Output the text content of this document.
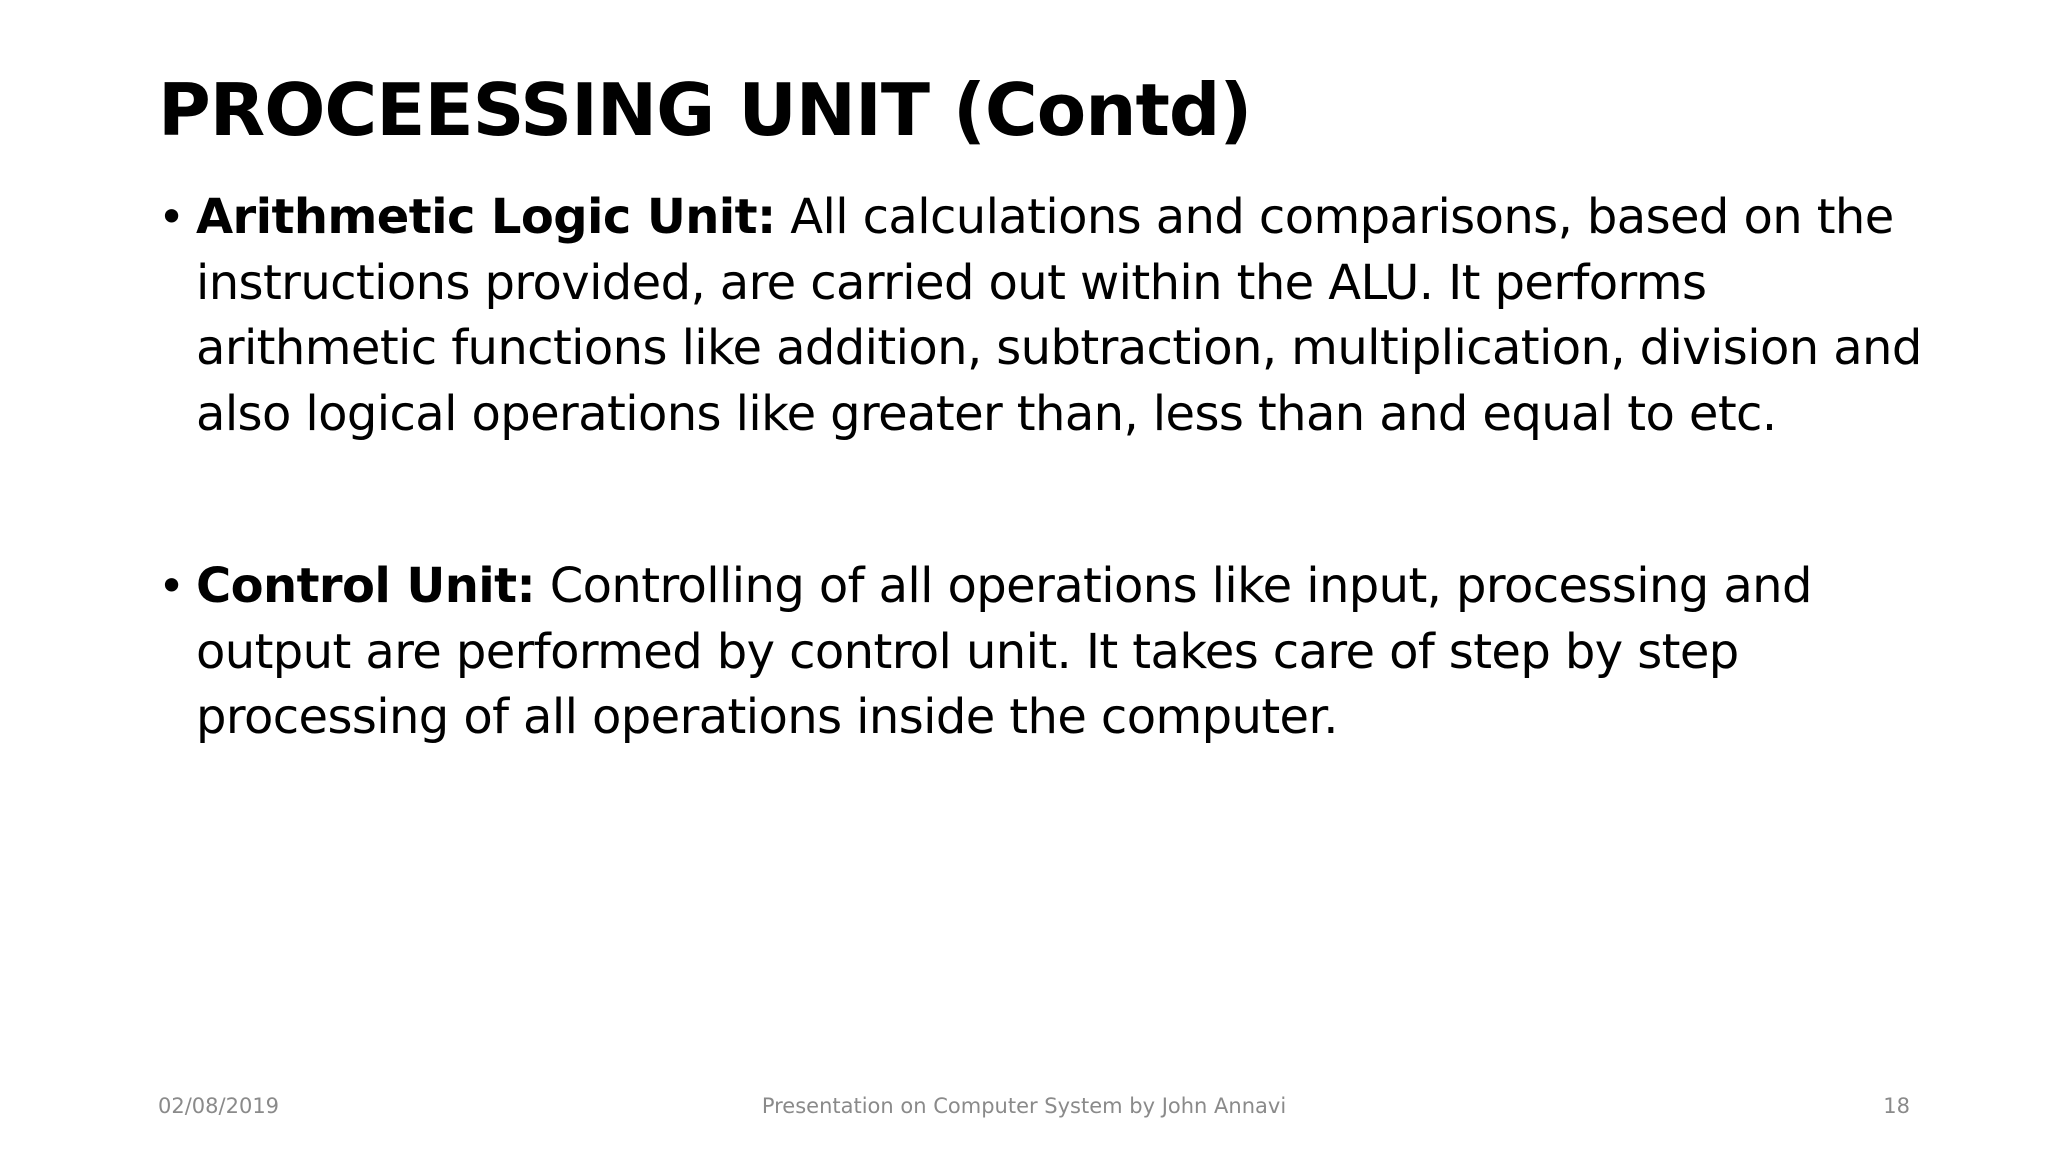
PROCEESSING UNIT (Contd)
• Arithmetic Logic Unit: All calculations and comparisons, based on the instructions provided, are carried out within the ALU. It performs arithmetic functions like addition, subtraction, multiplication, division and also logical operations like greater than, less than and equal to etc.
• Control Unit: Controlling of all operations like input, processing and output are performed by control unit. It takes care of step by step processing of all operations inside the computer.
02/08/2019	Presentation on Computer System by John Annavi	18
